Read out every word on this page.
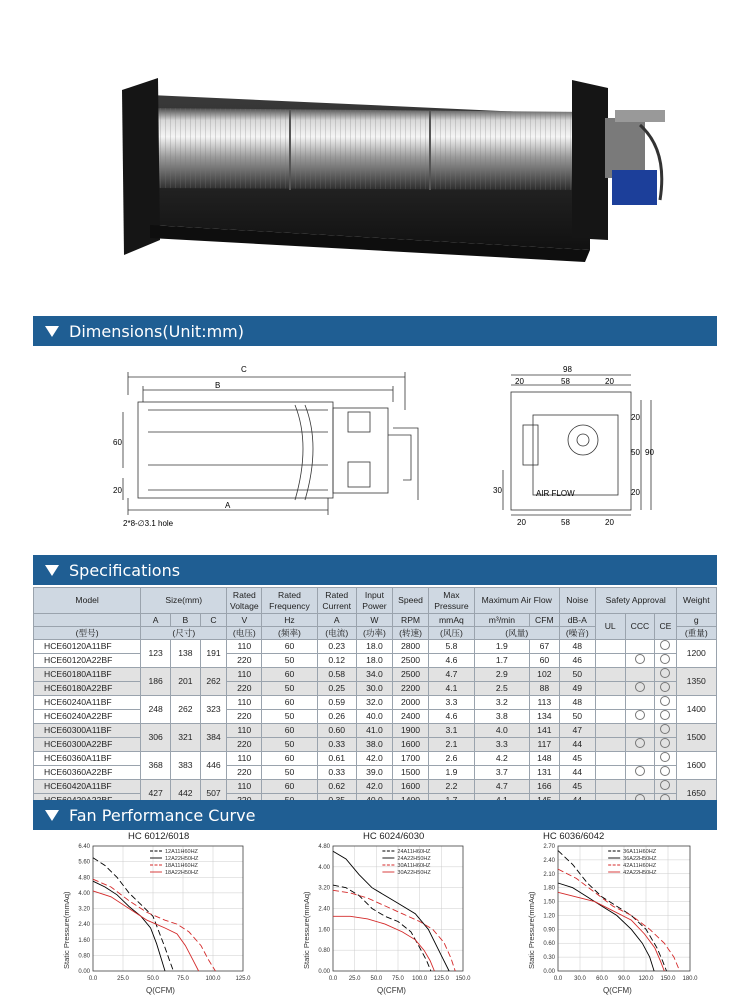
Dimensions(Unit:mm)
C
B
A
60
20
2*8-∅3.1 hole
98
20	58	20
20
50 90
20
30
20	58	20
AIR FLOW
Specifications
Model	Size(mm)			Rated Voltage	Rated Frequency	Rated Current	Input Power	Speed	Max Pressure	Maximum Air Flow		Noise	Safety Approval			Weight
	A	B	C	V	Hz	A	W	RPM	mmAq	m³/min	CFM	dB-A	UL	CCC	CE	g
(型号)	(尺寸)			(电压)	(频率)	(电流)	(功率)	(转速)	(风压)	(风量)		(噪音)				(重量)
HCE60120A11BF	123	138	191	110	60	0.23	18.0	2800	5.8	1.9	67	48				1200
HCE60120A22BF				220	50	0.12	18.0	2500	4.6	1.7	60	46				
HCE60180A11BF	186	201	262	110	60	0.58	34.0	2500	4.7	2.9	102	50				1350
HCE60180A22BF				220	50	0.25	30.0	2200	4.1	2.5	88	49				
HCE60240A11BF	248	262	323	110	60	0.59	32.0	2000	3.3	3.2	113	48				1400
HCE60240A22BF				220	50	0.26	40.0	2400	4.6	3.8	134	50				
HCE60300A11BF	306	321	384	110	60	0.60	41.0	1900	3.1	4.0	141	47				1500
HCE60300A22BF				220	50	0.33	38.0	1600	2.1	3.3	117	44				
HCE60360A11BF	368	383	446	110	60	0.61	42.0	1700	2.6	4.2	148	45				1600
HCE60360A22BF				220	50	0.33	39.0	1500	1.9	3.7	131	44				
HCE60420A11BF	427	442	507	110	60	0.62	42.0	1600	2.2	4.7	166	45				1650

Fan Performance Curve
HC 6012/6018
0.00
0.80
1.60
2.40
3.20
4.00
4.80
5.60
6.40
0.0	25.0	50.0	75.0	100.0 125.0
Q(CFM)
Static Pressure(mmAq)
12A11H60HZ
12A22H50HZ
18A11H60HZ
18A22H50HZ
HC 6024/6030
0.00
0.80
1.60
2.40
3.20
4.00
4.80
0.0 25.0 50.0 75.0 100.0 125.0 150.0
Q(CFM)
Static Pressure(mmAq)
24A11H60HZ
24A22H50HZ
30A11H60HZ
30A22H50HZ
HC 6036/6042
0.00
0.30
0.60
0.90
1.20
1.50
1.80
2.10
2.40
2.70
0.0 30.0 60.0 90.0 120.0 150.0 180.0
Q(CFM)
Static Pressure(mmAq)
36A11H60HZ
36A22H50HZ
42A11H60HZ
42A22H50HZ
